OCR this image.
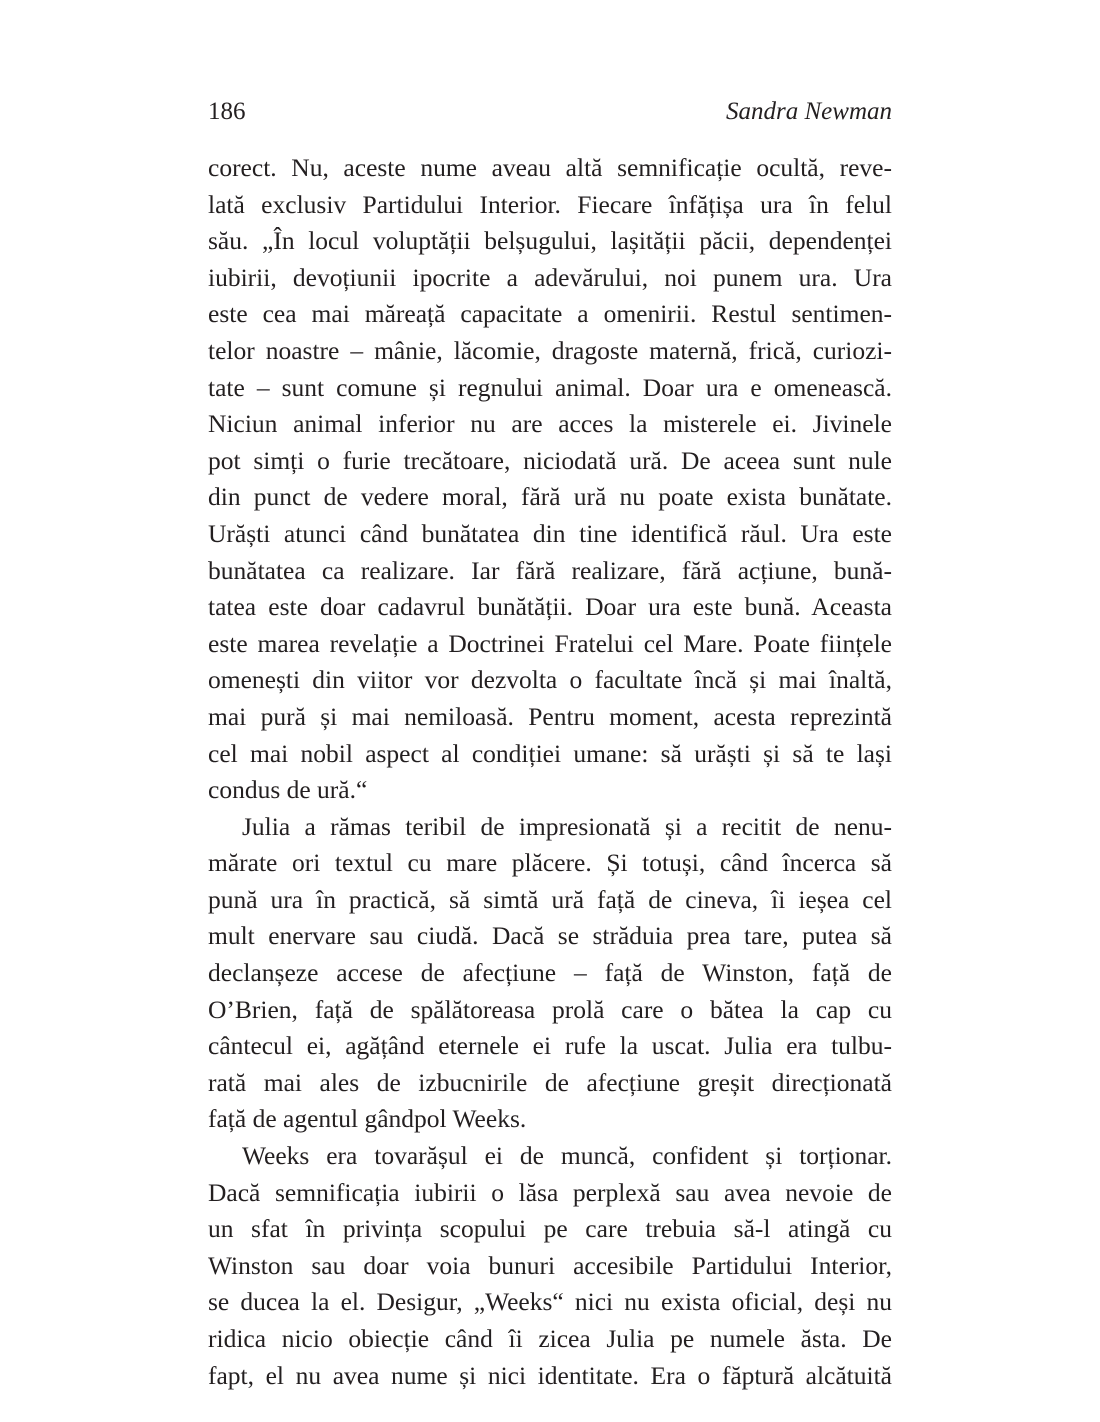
186	Sandra Newman
corect. Nu, aceste nume aveau altă semnificație ocultă, reve-
lată exclusiv Partidului Interior. Fiecare înfățișa ura în felul
său. „În locul voluptății belșugului, lașității păcii, dependenței
iubirii, devoțiunii ipocrite a adevărului, noi punem ura. Ura
este cea mai măreață capacitate a omenirii. Restul sentimen-
telor noastre – mânie, lăcomie, dragoste maternă, frică, curiozi-
tate – sunt comune și regnului animal. Doar ura e omenească.
Niciun animal inferior nu are acces la misterele ei. Jivinele
pot simți o furie trecătoare, niciodată ură. De aceea sunt nule
din punct de vedere moral, fără ură nu poate exista bunătate.
Urăști atunci când bunătatea din tine identifică răul. Ura este
bunătatea ca realizare. Iar fără realizare, fără acțiune, bună-
tatea este doar cadavrul bunătății. Doar ura este bună. Aceasta
este marea revelație a Doctrinei Fratelui cel Mare. Poate ființele
omenești din viitor vor dezvolta o facultate încă și mai înaltă,
mai pură și mai nemiloasă. Pentru moment, acesta reprezintă
cel mai nobil aspect al condiției umane: să urăști și să te lași
condus de ură.“
Julia a rămas teribil de impresionată și a recitit de nenu-
mărate ori textul cu mare plăcere. Și totuși, când încerca să
pună ura în practică, să simtă ură față de cineva, îi ieșea cel
mult enervare sau ciudă. Dacă se străduia prea tare, putea să
declanșeze accese de afecțiune – față de Winston, față de
O’Brien, față de spălătoreasa prolă care o bătea la cap cu
cântecul ei, agățând eternele ei rufe la uscat. Julia era tulbu-
rată mai ales de izbucnirile de afecțiune greșit direcționată
față de agentul gândpol Weeks.
Weeks era tovarășul ei de muncă, confident și torționar.
Dacă semnificația iubirii o lăsa perplexă sau avea nevoie de
un sfat în privința scopului pe care trebuia să-l atingă cu
Winston sau doar voia bunuri accesibile Partidului Interior,
se ducea la el. Desigur, „Weeks“ nici nu exista oficial, deși nu
ridica nicio obiecție când îi zicea Julia pe numele ăsta. De
fapt, el nu avea nume și nici identitate. Era o făptură alcătuită
